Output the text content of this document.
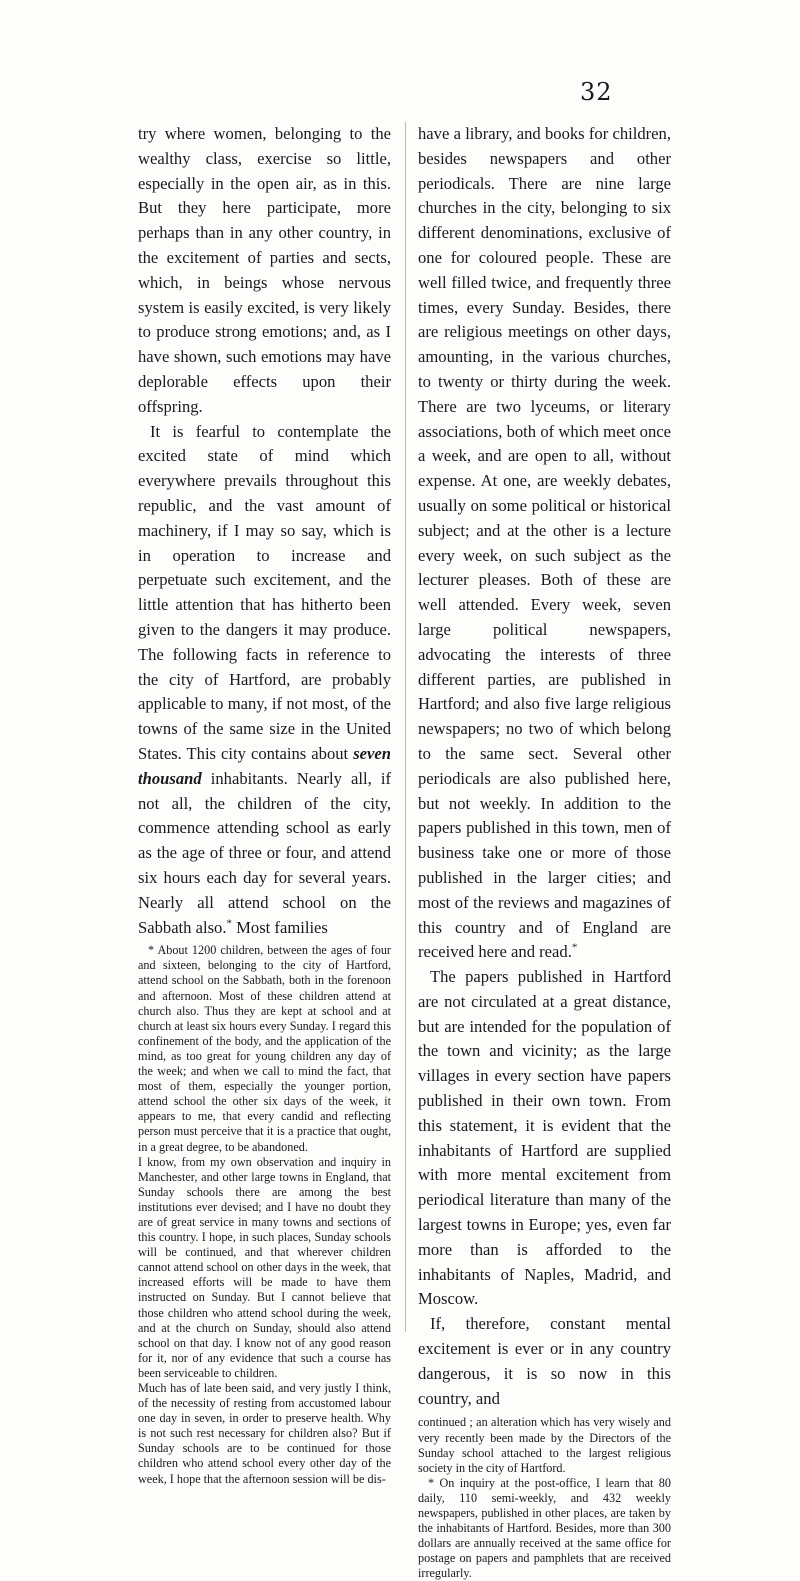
32

try where women, belonging to the wealthy class, exercise so little, especially in the open air, as in this. But they here participate, more perhaps than in any other country, in the excitement of parties and sects, which, in beings whose nervous system is easily excited, is very likely to produce strong emotions; and, as I have shown, such emotions may have deplorable effects upon their offspring.

It is fearful to contemplate the excited state of mind which everywhere prevails throughout this republic, and the vast amount of machinery, if I may so say, which is in operation to increase and perpetuate such excitement, and the little attention that has hitherto been given to the dangers it may produce. The following facts in reference to the city of Hartford, are probably applicable to many, if not most, of the towns of the same size in the United States. This city contains about seven thousand inhabitants. Nearly all, if not all, the children of the city, commence attending school as early as the age of three or four, and attend six hours each day for several years. Nearly all attend school on the Sabbath also.* Most families

* About 1200 children, between the ages of four and sixteen, belonging to the city of Hartford, attend school on the Sabbath, both in the forenoon and afternoon. Most of these children attend at church also. Thus they are kept at school and at church at least six hours every Sunday. I regard this confinement of the body, and the application of the mind, as too great for young children any day of the week; and when we call to mind the fact, that most of them, especially the younger portion, attend school the other six days of the week, it appears to me, that every candid and reflecting person must perceive that it is a practice that ought, in a great degree, to be abandoned.

I know, from my own observation and inquiry in Manchester, and other large towns in England, that Sunday schools there are among the best institutions ever devised; and I have no doubt they are of great service in many towns and sections of this country. I hope, in such places, Sunday schools will be continued, and that wherever children cannot attend school on other days in the week, that increased efforts will be made to have them instructed on Sunday. But I cannot believe that those children who attend school during the week, and at the church on Sunday, should also attend school on that day. I know not of any good reason for it, nor of any evidence that such a course has been serviceable to children.

Much has of late been said, and very justly I think, of the necessity of resting from accustomed labour one day in seven, in order to preserve health. Why is not such rest necessary for children also? But if Sunday schools are to be continued for those children who attend school every other day of the week, I hope that the afternoon session will be dis-

have a library, and books for children, besides newspapers and other periodicals. There are nine large churches in the city, belonging to six different denominations, exclusive of one for coloured people. These are well filled twice, and frequently three times, every Sunday. Besides, there are religious meetings on other days, amounting, in the various churches, to twenty or thirty during the week. There are two lyceums, or literary associations, both of which meet once a week, and are open to all, without expense. At one, are weekly debates, usually on some political or historical subject; and at the other is a lecture every week, on such subject as the lecturer pleases. Both of these are well attended. Every week, seven large political newspapers, advocating the interests of three different parties, are published in Hartford; and also five large religious newspapers; no two of which belong to the same sect. Several other periodicals are also published here, but not weekly. In addition to the papers published in this town, men of business take one or more of those published in the larger cities; and most of the reviews and magazines of this country and of England are received here and read.*

The papers published in Hartford are not circulated at a great distance, but are intended for the population of the town and vicinity; as the large villages in every section have papers published in their own town. From this statement, it is evident that the inhabitants of Hartford are supplied with more mental excitement from periodical literature than many of the largest towns in Europe; yes, even far more than is afforded to the inhabitants of Naples, Madrid, and Moscow.

If, therefore, constant mental excitement is ever or in any country dangerous, it is so now in this country, and

continued ; an alteration which has very wisely and very recently been made by the Directors of the Sunday school attached to the largest religious society in the city of Hartford.

* On inquiry at the post-office, I learn that 80 daily, 110 semi-weekly, and 432 weekly newspapers, published in other places, are taken by the inhabitants of Hartford. Besides, more than 300 dollars are annually received at the same office for postage on papers and pamphlets that are received irregularly.
